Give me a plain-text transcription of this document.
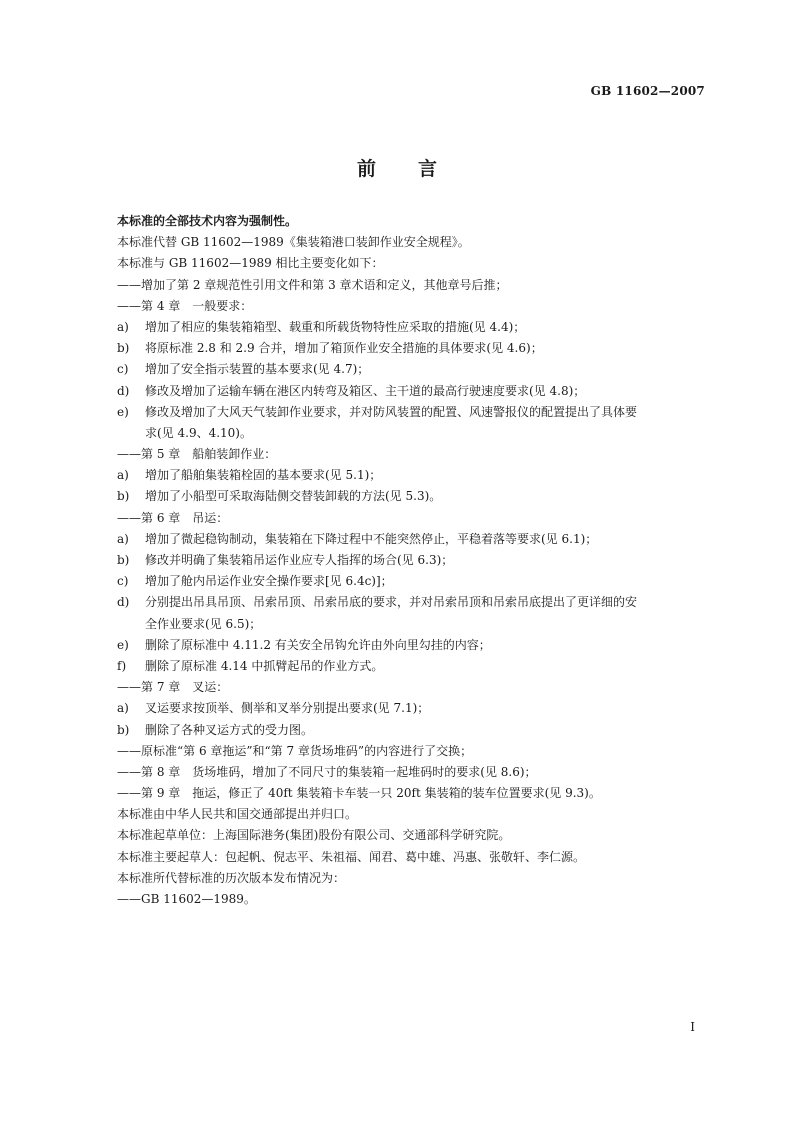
GB 11602—2007
前 言
本标准的全部技术内容为强制性。
本标准代替 GB 11602—1989《集装箱港口装卸作业安全规程》。
本标准与 GB 11602—1989 相比主要变化如下：
——增加了第 2 章规范性引用文件和第 3 章术语和定义，其他章号后推；
——第 4 章　一般要求：
a)	增加了相应的集装箱箱型、载重和所载货物特性应采取的措施(见 4.4)；
b)	将原标准 2.8 和 2.9 合并，增加了箱顶作业安全措施的具体要求(见 4.6)；
c)	增加了安全指示装置的基本要求(见 4.7)；
d)	修改及增加了运输车辆在港区内转弯及箱区、主干道的最高行驶速度要求(见 4.8)；
e)	修改及增加了大风天气装卸作业要求，并对防风装置的配置、风速警报仪的配置提出了具体要
求(见 4.9、4.10)。
——第 5 章　船舶装卸作业：
a)	增加了船舶集装箱栓固的基本要求(见 5.1)；
b)	增加了小船型可采取海陆侧交替装卸载的方法(见 5.3)。
——第 6 章　吊运：
a)	增加了微起稳钩制动，集装箱在下降过程中不能突然停止，平稳着落等要求(见 6.1)；
b)	修改并明确了集装箱吊运作业应专人指挥的场合(见 6.3)；
c)	增加了舱内吊运作业安全操作要求[见 6.4c)]；
d)	分别提出吊具吊顶、吊索吊顶、吊索吊底的要求，并对吊索吊顶和吊索吊底提出了更详细的安
全作业要求(见 6.5)；
e)	删除了原标准中 4.11.2 有关安全吊钩允许由外向里勾挂的内容；
f)	删除了原标准 4.14 中抓臂起吊的作业方式。
——第 7 章　叉运：
a)	叉运要求按顶举、侧举和叉举分别提出要求(见 7.1)；
b)	删除了各种叉运方式的受力图。
——原标准“第 6 章拖运”和“第 7 章货场堆码”的内容进行了交换；
——第 8 章　货场堆码，增加了不同尺寸的集装箱一起堆码时的要求(见 8.6)；
——第 9 章　拖运，修正了 40ft 集装箱卡车装一只 20ft 集装箱的装车位置要求(见 9.3)。
本标准由中华人民共和国交通部提出并归口。
本标准起草单位：上海国际港务(集团)股份有限公司、交通部科学研究院。
本标准主要起草人：包起帆、倪志平、朱祖福、闻君、葛中雄、冯惠、张敬轩、李仁源。
本标准所代替标准的历次版本发布情况为：
——GB 11602—1989。
I
